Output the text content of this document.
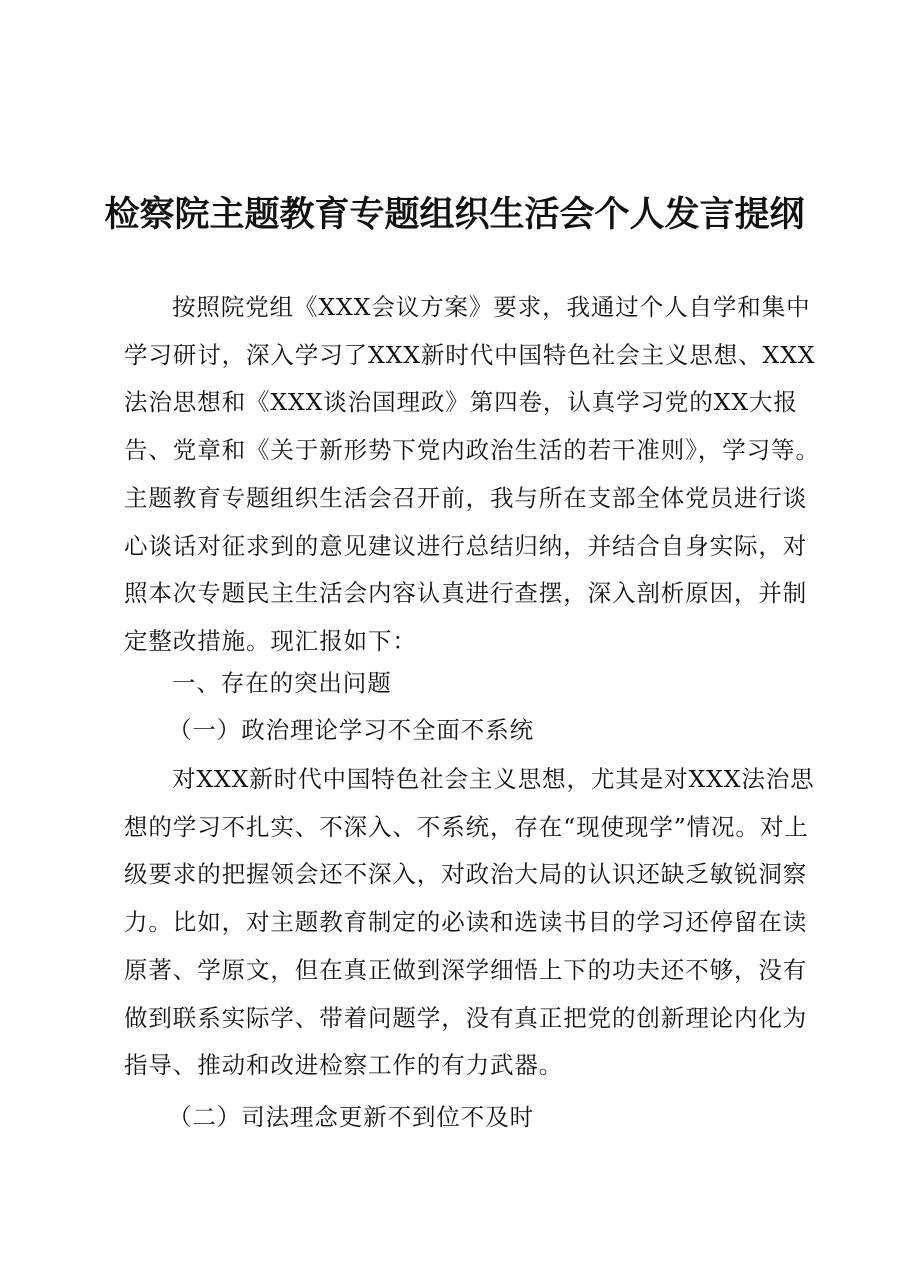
检察院主题教育专题组织生活会个人发言提纲

按照院党组《XXX会议方案》要求，我通过个人自学和集中学习研讨，深入学习了XXX新时代中国特色社会主义思想、XXX法治思想和《XXX谈治国理政》第四卷，认真学习党的XX大报告、党章和《关于新形势下党内政治生活的若干准则》，学习等。主题教育专题组织生活会召开前，我与所在支部全体党员进行谈心谈话对征求到的意见建议进行总结归纳，并结合自身实际，对照本次专题民主生活会内容认真进行查摆，深入剖析原因，并制定整改措施。现汇报如下：

一、存在的突出问题

（一）政治理论学习不全面不系统

对XXX新时代中国特色社会主义思想，尤其是对XXX法治思想的学习不扎实、不深入、不系统，存在“现使现学”情况。对上级要求的把握领会还不深入，对政治大局的认识还缺乏敏锐洞察力。比如，对主题教育制定的必读和选读书目的学习还停留在读原著、学原文，但在真正做到深学细悟上下的功夫还不够，没有做到联系实际学、带着问题学，没有真正把党的创新理论内化为指导、推动和改进检察工作的有力武器。

（二）司法理念更新不到位不及时
